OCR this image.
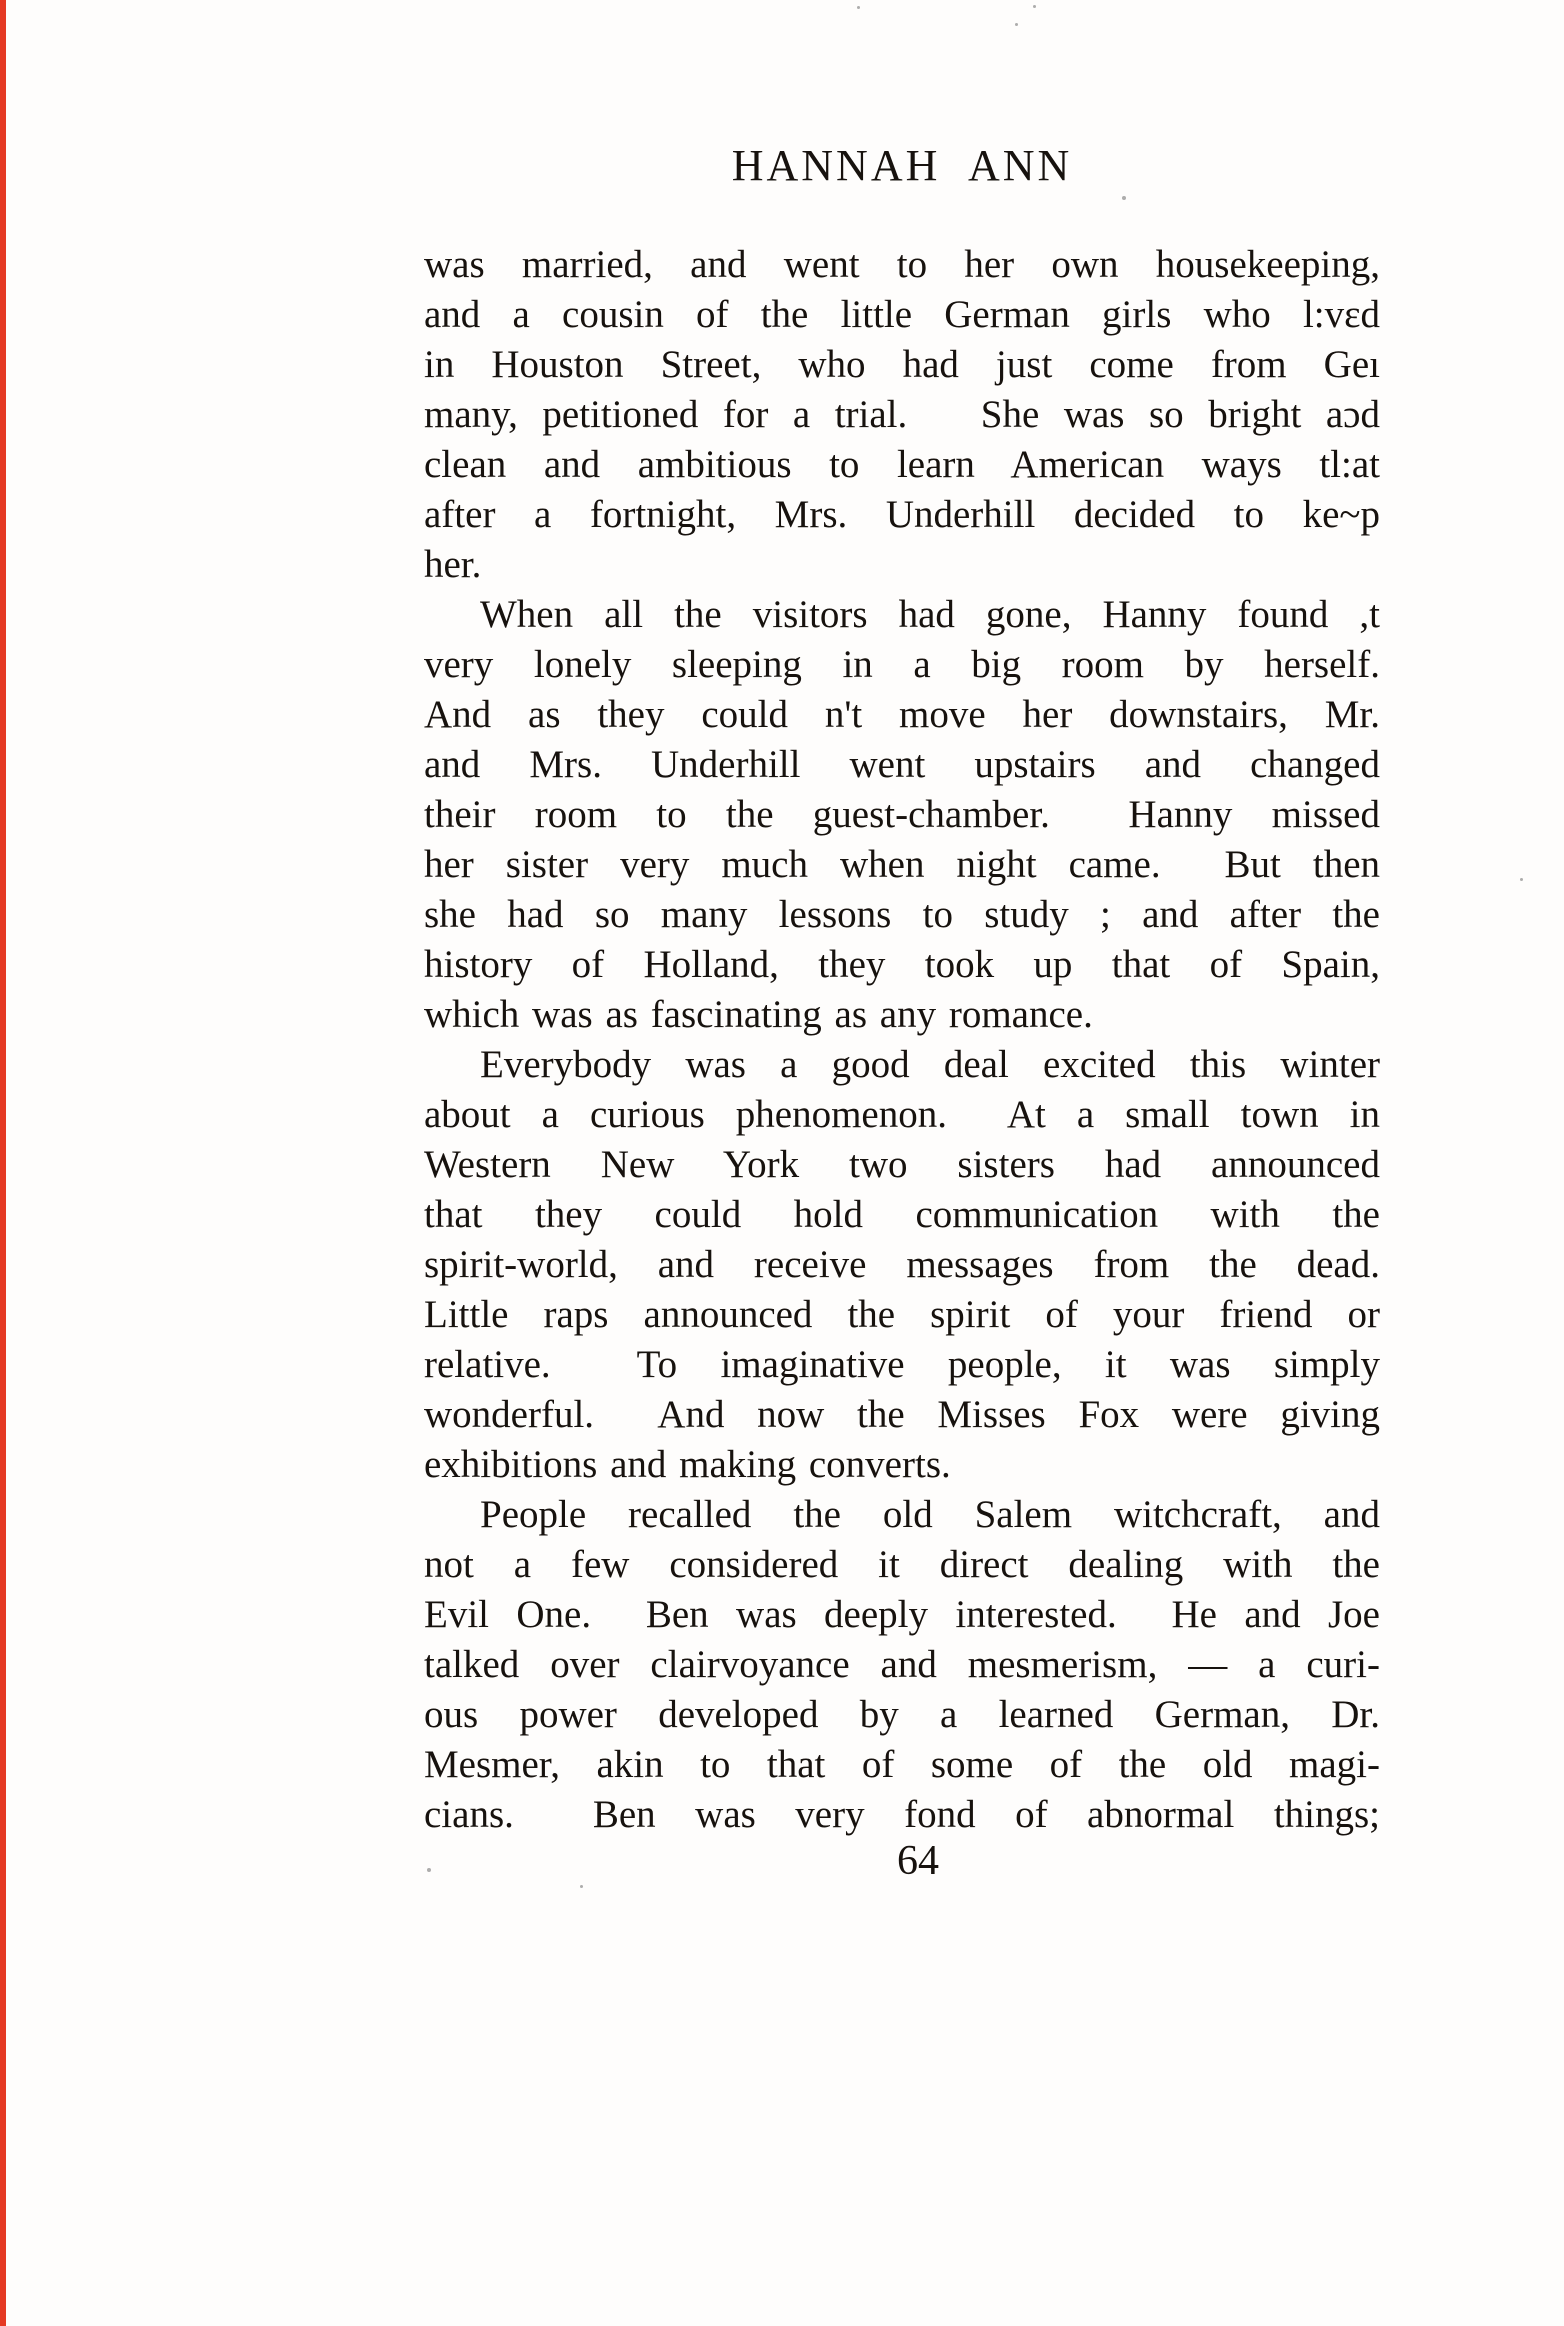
HANNAH ANN
was married, and went to her own housekeeping,
and a cousin of the little German girls who l:vɛd
in Houston Street, who had just come from Geı
many, petitioned for a trial.   She was so bright aɔd
clean and ambitious to learn American ways tl:at
after a fortnight, Mrs. Underhill decided to ke~p
her.
When all the visitors had gone, Hanny found ,t
very lonely sleeping in a big room by herself.
And as they could n't move her downstairs, Mr.
and Mrs. Underhill went upstairs and changed
their room to the guest-chamber.  Hanny missed
her sister very much when night came.  But then
she had so many lessons to study ; and after the
history of Holland, they took up that of Spain,
which was as fascinating as any romance.
Everybody was a good deal excited this winter
about a curious phenomenon.  At a small town in
Western New York two sisters had announced
that they could hold communication with the
spirit-world, and receive messages from the dead.
Little raps announced the spirit of your friend or
relative.  To imaginative people, it was simply
wonderful.  And now the Misses Fox were giving
exhibitions and making converts.
People recalled the old Salem witchcraft, and
not a few considered it direct dealing with the
Evil One.  Ben was deeply interested.  He and Joe
talked over clairvoyance and mesmerism, — a curi-
ous power developed by a learned German, Dr.
Mesmer, akin to that of some of the old magi-
cians.  Ben was very fond of abnormal things;
64
